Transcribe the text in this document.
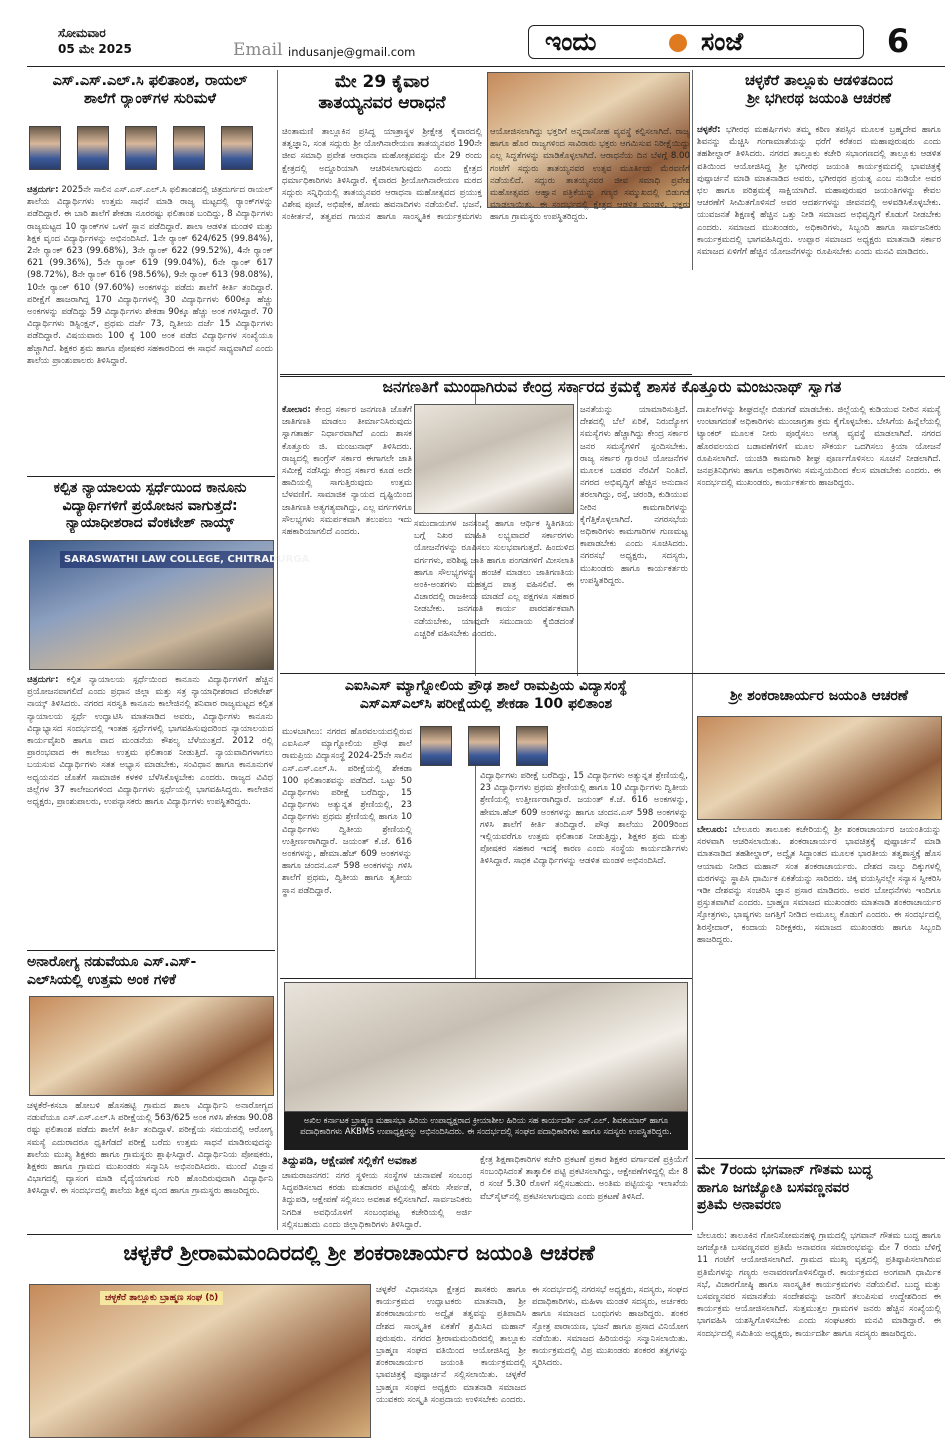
ಸೋಮವಾರ
05 ಮೇ 2025	Email indusanje@gmail.com	ಇಂದು	ಸಂಜೆ	6
ಎಸ್.ಎಸ್.ಎಲ್.ಸಿ ಫಲಿತಾಂಶ, ರಾಯಲ್
ಶಾಲೆಗೆ ರ್‍ಯಾಂಕ್‌ಗಳ ಸುರಿಮಳೆ
ಚಿತ್ರದುರ್ಗ: 2025ನೇ ಸಾಲಿನ ಎಸ್.ಎಸ್.ಎಲ್.ಸಿ ಫಲಿತಾಂಶದಲ್ಲಿ ಚಿತ್ರದುರ್ಗದ ರಾಯಲ್ ಶಾಲೆಯ ವಿದ್ಯಾರ್ಥಿಗಳು ಉತ್ತಮ ಸಾಧನೆ ಮಾಡಿ ರಾಜ್ಯ ಮಟ್ಟದಲ್ಲಿ ರ್‍ಯಾಂಕ್‌ಗಳನ್ನು ಪಡೆದಿದ್ದಾರೆ. ಈ ಬಾರಿ ಶಾಲೆಗೆ ಶೇಕಡಾ ನೂರರಷ್ಟು ಫಲಿತಾಂಶ ಬಂದಿದ್ದು, 8 ವಿದ್ಯಾರ್ಥಿಗಳು ರಾಜ್ಯಮಟ್ಟದ 10 ರ್‍ಯಾಂಕ್‌ಗಳ ಒಳಗೆ ಸ್ಥಾನ ಪಡೆದಿದ್ದಾರೆ. ಶಾಲಾ ಆಡಳಿತ ಮಂಡಳಿ ಮತ್ತು ಶಿಕ್ಷಕ ವೃಂದ ವಿದ್ಯಾರ್ಥಿಗಳನ್ನು ಅಭಿನಂದಿಸಿದೆ. 1ನೇ ರ್‍ಯಾಂಕ್ 624/625 (99.84%), 2ನೇ ರ್‍ಯಾಂಕ್ 623 (99.68%), 3ನೇ ರ್‍ಯಾಂಕ್ 622 (99.52%), 4ನೇ ರ್‍ಯಾಂಕ್ 621 (99.36%), 5ನೇ ರ್‍ಯಾಂಕ್ 619 (99.04%), 6ನೇ ರ್‍ಯಾಂಕ್ 617 (98.72%), 8ನೇ ರ್‍ಯಾಂಕ್ 616 (98.56%), 9ನೇ ರ್‍ಯಾಂಕ್ 613 (98.08%), 10ನೇ ರ್‍ಯಾಂಕ್ 610 (97.60%) ಅಂಕಗಳನ್ನು ಪಡೆದು ಶಾಲೆಗೆ ಕೀರ್ತಿ ತಂದಿದ್ದಾರೆ. ಪರೀಕ್ಷೆಗೆ ಹಾಜರಾಗಿದ್ದ 170 ವಿದ್ಯಾರ್ಥಿಗಳಲ್ಲಿ 30 ವಿದ್ಯಾರ್ಥಿಗಳು 600ಕ್ಕೂ ಹೆಚ್ಚು ಅಂಕಗಳನ್ನು ಪಡೆದಿದ್ದು 59 ವಿದ್ಯಾರ್ಥಿಗಳು ಶೇಕಡಾ 90ಕ್ಕೂ ಹೆಚ್ಚು ಅಂಕ ಗಳಿಸಿದ್ದಾರೆ. 70 ವಿದ್ಯಾರ್ಥಿಗಳು ಡಿಸ್ಟಿಂಕ್ಷನ್, ಪ್ರಥಮ ದರ್ಜೆ 73, ದ್ವಿತೀಯ ದರ್ಜೆ 15 ವಿದ್ಯಾರ್ಥಿಗಳು ಪಡೆದಿದ್ದಾರೆ. ವಿಷಯವಾರು 100 ಕ್ಕೆ 100 ಅಂಕ ಪಡೆದ ವಿದ್ಯಾರ್ಥಿಗಳ ಸಂಖ್ಯೆಯೂ ಹೆಚ್ಚಾಗಿದೆ. ಶಿಕ್ಷಕರ ಶ್ರಮ ಹಾಗೂ ಪೋಷಕರ ಸಹಕಾರದಿಂದ ಈ ಸಾಧನೆ ಸಾಧ್ಯವಾಗಿದೆ ಎಂದು ಶಾಲೆಯ ಪ್ರಾಂಶುಪಾಲರು ತಿಳಿಸಿದ್ದಾರೆ.
ಕಲ್ಪಿತ ನ್ಯಾಯಾಲಯ ಸ್ಪರ್ಧೆಯಿಂದ ಕಾನೂನು
ವಿದ್ಯಾರ್ಥಿಗಳಿಗೆ ಪ್ರಯೋಜನ ವಾಗುತ್ತದೆ:
ನ್ಯಾಯಾಧೀಶರಾದ ವೆಂಕಟೇಶ್ ನಾಯ್ಕ್
SARASWATHI LAW COLLEGE, CHITRADURGA
ಚಿತ್ರದುರ್ಗ: ಕಲ್ಪಿತ ನ್ಯಾಯಾಲಯ ಸ್ಪರ್ಧೆಯಿಂದ ಕಾನೂನು ವಿದ್ಯಾರ್ಥಿಗಳಿಗೆ ಹೆಚ್ಚಿನ ಪ್ರಯೋಜನವಾಗಲಿದೆ ಎಂದು ಪ್ರಧಾನ ಜಿಲ್ಲಾ ಮತ್ತು ಸತ್ರ ನ್ಯಾಯಾಧೀಶರಾದ ವೆಂಕಟೇಶ್ ನಾಯ್ಕ್ ತಿಳಿಸಿದರು. ನಗರದ ಸರಸ್ವತಿ ಕಾನೂನು ಕಾಲೇಜಿನಲ್ಲಿ ಶನಿವಾರ ರಾಜ್ಯಮಟ್ಟದ ಕಲ್ಪಿತ ನ್ಯಾಯಾಲಯ ಸ್ಪರ್ಧೆ ಉದ್ಘಾಟಿಸಿ ಮಾತನಾಡಿದ ಅವರು, ವಿದ್ಯಾರ್ಥಿಗಳು ಕಾನೂನು ವಿದ್ಯಾಭ್ಯಾಸದ ಸಂದರ್ಭದಲ್ಲಿ ಇಂತಹ ಸ್ಪರ್ಧೆಗಳಲ್ಲಿ ಭಾಗವಹಿಸುವುದರಿಂದ ನ್ಯಾಯಾಲಯದ ಕಾರ್ಯವೈಖರಿ ಹಾಗೂ ವಾದ ಮಂಡನೆಯ ಕೌಶಲ್ಯ ಬೆಳೆಯುತ್ತದೆ. 2012 ರಲ್ಲಿ ಪ್ರಾರಂಭವಾದ ಈ ಕಾಲೇಜು ಉತ್ತಮ ಫಲಿತಾಂಶ ನೀಡುತ್ತಿದೆ. ನ್ಯಾಯವಾದಿಗಳಾಗಲು ಬಯಸುವ ವಿದ್ಯಾರ್ಥಿಗಳು ಸತತ ಅಭ್ಯಾಸ ಮಾಡಬೇಕು, ಸಂವಿಧಾನ ಹಾಗೂ ಕಾನೂನುಗಳ ಅಧ್ಯಯನದ ಜೊತೆಗೆ ಸಾಮಾಜಿಕ ಕಳಕಳಿ ಬೆಳೆಸಿಕೊಳ್ಳಬೇಕು ಎಂದರು. ರಾಜ್ಯದ ವಿವಿಧ ಜಿಲ್ಲೆಗಳ 37 ಕಾಲೇಜುಗಳಿಂದ ವಿದ್ಯಾರ್ಥಿಗಳು ಸ್ಪರ್ಧೆಯಲ್ಲಿ ಭಾಗವಹಿಸಿದ್ದರು. ಕಾಲೇಜಿನ ಅಧ್ಯಕ್ಷರು, ಪ್ರಾಂಶುಪಾಲರು, ಉಪನ್ಯಾಸಕರು ಹಾಗೂ ವಿದ್ಯಾರ್ಥಿಗಳು ಉಪಸ್ಥಿತರಿದ್ದರು.
ಅನಾರೋಗ್ಯ ನಡುವೆಯೂ ಎಸ್.ಎಸ್-
ಎಲ್‌ಸಿಯಲ್ಲಿ ಉತ್ತಮ ಅಂಕ ಗಳಿಕೆ
ಚಳ್ಳಕೆರೆ-ಕಸಬಾ ಹೋಬಳಿ ಹೊಸಹಟ್ಟಿ ಗ್ರಾಮದ ಶಾಲಾ ವಿದ್ಯಾರ್ಥಿನಿ ಅನಾರೋಗ್ಯದ ನಡುವೆಯೂ ಎಸ್.ಎಸ್.ಎಲ್.ಸಿ ಪರೀಕ್ಷೆಯಲ್ಲಿ 563/625 ಅಂಕ ಗಳಿಸಿ ಶೇಕಡಾ 90.08 ರಷ್ಟು ಫಲಿತಾಂಶ ಪಡೆದು ಶಾಲೆಗೆ ಕೀರ್ತಿ ತಂದಿದ್ದಾಳೆ. ಪರೀಕ್ಷೆಯ ಸಮಯದಲ್ಲಿ ಆರೋಗ್ಯ ಸಮಸ್ಯೆ ಎದುರಾದರೂ ಧೃತಿಗೆಡದೆ ಪರೀಕ್ಷೆ ಬರೆದು ಉತ್ತಮ ಸಾಧನೆ ಮಾಡಿರುವುದನ್ನು ಶಾಲೆಯ ಮುಖ್ಯ ಶಿಕ್ಷಕರು ಹಾಗೂ ಗ್ರಾಮಸ್ಥರು ಶ್ಲಾಘಿಸಿದ್ದಾರೆ. ವಿದ್ಯಾರ್ಥಿನಿಯ ಪೋಷಕರು, ಶಿಕ್ಷಕರು ಹಾಗೂ ಗ್ರಾಮದ ಮುಖಂಡರು ಸನ್ಮಾನಿಸಿ ಅಭಿನಂದಿಸಿದರು. ಮುಂದೆ ವಿಜ್ಞಾನ ವಿಭಾಗದಲ್ಲಿ ವ್ಯಾಸಂಗ ಮಾಡಿ ವೈದ್ಯೆಯಾಗುವ ಗುರಿ ಹೊಂದಿರುವುದಾಗಿ ವಿದ್ಯಾರ್ಥಿನಿ ತಿಳಿಸಿದ್ದಾಳೆ. ಈ ಸಂದರ್ಭದಲ್ಲಿ ಶಾಲೆಯ ಶಿಕ್ಷಕ ವೃಂದ ಹಾಗೂ ಗ್ರಾಮಸ್ಥರು ಹಾಜರಿದ್ದರು.
ಮೇ 29 ಕೈವಾರ
ತಾತಯ್ಯನವರ ಆರಾಧನೆ
ಚಿಂತಾಮಣಿ ತಾಲ್ಲೂಕಿನ ಪ್ರಸಿದ್ಧ ಯಾತ್ರಾಸ್ಥಳ ಶ್ರೀಕ್ಷೇತ್ರ ಕೈವಾರದಲ್ಲಿ ತತ್ವಜ್ಞಾನಿ, ಸಂತ ಸದ್ಗುರು ಶ್ರೀ ಯೋಗಿನಾರೇಯಣ ತಾತಯ್ಯನವರ 190ನೇ ಜೀವ ಸಮಾಧಿ ಪ್ರವೇಶ ಆರಾಧನಾ ಮಹೋತ್ಸವವನ್ನು ಮೇ 29 ರಂದು ಕ್ಷೇತ್ರದಲ್ಲಿ ಅದ್ದೂರಿಯಾಗಿ ಆಚರಿಸಲಾಗುವುದು ಎಂದು ಕ್ಷೇತ್ರದ ಧರ್ಮಾಧಿಕಾರಿಗಳು ತಿಳಿಸಿದ್ದಾರೆ. ಕೈವಾರದ ಶ್ರೀಯೋಗಿನಾರೇಯಣ ಮಠದ ಸದ್ಗುರು ಸನ್ನಿಧಿಯಲ್ಲಿ ತಾತಯ್ಯನವರ ಆರಾಧನಾ ಮಹೋತ್ಸವದ ಪ್ರಯುಕ್ತ ವಿಶೇಷ ಪೂಜೆ, ಅಭಿಷೇಕ, ಹೋಮ ಹವನಾದಿಗಳು ನಡೆಯಲಿವೆ. ಭಜನೆ, ಸಂಕೀರ್ತನೆ, ತತ್ವಪದ ಗಾಯನ ಹಾಗೂ ಸಾಂಸ್ಕೃತಿಕ ಕಾರ್ಯಕ್ರಮಗಳು ಆಯೋಜಿಸಲಾಗಿದ್ದು ಭಕ್ತರಿಗೆ ಅನ್ನದಾಸೋಹ ವ್ಯವಸ್ಥೆ ಕಲ್ಪಿಸಲಾಗಿದೆ. ರಾಜ್ಯ ಹಾಗೂ ಹೊರ ರಾಜ್ಯಗಳಿಂದ ಸಾವಿರಾರು ಭಕ್ತರು ಆಗಮಿಸುವ ನಿರೀಕ್ಷೆಯಿದ್ದು ಎಲ್ಲ ಸಿದ್ಧತೆಗಳನ್ನು ಮಾಡಿಕೊಳ್ಳಲಾಗಿದೆ. ಆರಾಧನೆಯ ದಿನ ಬೆಳಗ್ಗೆ 8.00 ಗಂಟೆಗೆ ಸದ್ಗುರು ತಾತಯ್ಯನವರ ಉತ್ಸವ ಮೂರ್ತಿಯ ಮೆರವಣಿಗೆ ನಡೆಯಲಿದೆ. ಸದ್ಗುರು ತಾತಯ್ಯನವರ ಜೀವ ಸಮಾಧಿ ಪ್ರವೇಶ ಮಹೋತ್ಸವದ ಆಹ್ವಾನ ಪತ್ರಿಕೆಯನ್ನು ಗಣ್ಯರ ಸಮ್ಮುಖದಲ್ಲಿ ಬಿಡುಗಡೆ ಮಾಡಲಾಯಿತು. ಈ ಸಂದರ್ಭದಲ್ಲಿ ಕ್ಷೇತ್ರದ ಆಡಳಿತ ಮಂಡಳಿ, ಭಕ್ತರು ಹಾಗೂ ಗ್ರಾಮಸ್ಥರು ಉಪಸ್ಥಿತರಿದ್ದರು.
ಚಳ್ಳಕೆರೆ ತಾಲ್ಲೂಕು ಆಡಳಿತದಿಂದ
ಶ್ರೀ ಭಗೀರಥ ಜಯಂತಿ ಆಚರಣೆ
ಚಳ್ಳಕೆರೆ: ಭಗೀರಥ ಮಹರ್ಷಿಗಳು ತಮ್ಮ ಕಠಿಣ ತಪಸ್ಸಿನ ಮೂಲಕ ಬ್ರಹ್ಮದೇವ ಹಾಗೂ ಶಿವನನ್ನು ಮೆಚ್ಚಿಸಿ ಗಂಗಾಮಾತೆಯನ್ನು ಧರೆಗೆ ಕರೆತಂದ ಮಹಾಪುರುಷರು ಎಂದು ತಹಶೀಲ್ದಾರ್ ತಿಳಿಸಿದರು. ನಗರದ ತಾಲ್ಲೂಕು ಕಚೇರಿ ಸಭಾಂಗಣದಲ್ಲಿ ತಾಲ್ಲೂಕು ಆಡಳಿತ ವತಿಯಿಂದ ಆಯೋಜಿಸಿದ್ದ ಶ್ರೀ ಭಗೀರಥ ಜಯಂತಿ ಕಾರ್ಯಕ್ರಮದಲ್ಲಿ ಭಾವಚಿತ್ರಕ್ಕೆ ಪುಷ್ಪಾರ್ಚನೆ ಮಾಡಿ ಮಾತನಾಡಿದ ಅವರು, ಭಗೀರಥರ ಪ್ರಯತ್ನ ಎಂಬ ನುಡಿಯೇ ಅವರ ಛಲ ಹಾಗೂ ಪರಿಶ್ರಮಕ್ಕೆ ಸಾಕ್ಷಿಯಾಗಿದೆ. ಮಹಾಪುರುಷರ ಜಯಂತಿಗಳನ್ನು ಕೇವಲ ಆಚರಣೆಗೆ ಸೀಮಿತಗೊಳಿಸದೆ ಅವರ ಆದರ್ಶಗಳನ್ನು ಜೀವನದಲ್ಲಿ ಅಳವಡಿಸಿಕೊಳ್ಳಬೇಕು. ಯುವಜನತೆ ಶಿಕ್ಷಣಕ್ಕೆ ಹೆಚ್ಚಿನ ಒತ್ತು ನೀಡಿ ಸಮಾಜದ ಅಭಿವೃದ್ಧಿಗೆ ಕೊಡುಗೆ ನೀಡಬೇಕು ಎಂದರು. ಸಮಾಜದ ಮುಖಂಡರು, ಅಧಿಕಾರಿಗಳು, ಸಿಬ್ಬಂದಿ ಹಾಗೂ ಸಾರ್ವಜನಿಕರು ಕಾರ್ಯಕ್ರಮದಲ್ಲಿ ಭಾಗವಹಿಸಿದ್ದರು. ಉಪ್ಪಾರ ಸಮಾಜದ ಅಧ್ಯಕ್ಷರು ಮಾತನಾಡಿ ಸರ್ಕಾರ ಸಮಾಜದ ಏಳಿಗೆಗೆ ಹೆಚ್ಚಿನ ಯೋಜನೆಗಳನ್ನು ರೂಪಿಸಬೇಕು ಎಂದು ಮನವಿ ಮಾಡಿದರು.
ಜನಗಣತಿಗೆ ಮುಂದಾಗಿರುವ ಕೇಂದ್ರ ಸರ್ಕಾರದ ಕ್ರಮಕ್ಕೆ ಶಾಸಕ ಕೊತ್ತೂರು ಮಂಜುನಾಥ್ ಸ್ವಾಗತ
ಕೋಲಾರ: ಕೇಂದ್ರ ಸರ್ಕಾರ ಜನಗಣತಿ ಜೊತೆಗೆ ಜಾತಿಗಣತಿ ಮಾಡಲು ತೀರ್ಮಾನಿಸಿರುವುದು ಸ್ವಾಗತಾರ್ಹ ನಿರ್ಧಾರವಾಗಿದೆ ಎಂದು ಶಾಸಕ ಕೊತ್ತೂರು ಜಿ. ಮಂಜುನಾಥ್ ತಿಳಿಸಿದರು. ರಾಜ್ಯದಲ್ಲಿ ಕಾಂಗ್ರೆಸ್ ಸರ್ಕಾರ ಈಗಾಗಲೇ ಜಾತಿ ಸಮೀಕ್ಷೆ ನಡೆಸಿದ್ದು ಕೇಂದ್ರ ಸರ್ಕಾರ ಕೂಡ ಅದೇ ಹಾದಿಯಲ್ಲಿ ಸಾಗುತ್ತಿರುವುದು ಉತ್ತಮ ಬೆಳವಣಿಗೆ. ಸಾಮಾಜಿಕ ನ್ಯಾಯದ ದೃಷ್ಟಿಯಿಂದ ಜಾತಿಗಣತಿ ಅತ್ಯಗತ್ಯವಾಗಿದ್ದು, ಎಲ್ಲ ವರ್ಗಗಳಿಗೂ ಸೌಲಭ್ಯಗಳು ಸಮರ್ಪಕವಾಗಿ ತಲುಪಲು ಇದು ಸಹಕಾರಿಯಾಗಲಿದೆ ಎಂದರು.
ಸಮುದಾಯಗಳ ಜನಸಂಖ್ಯೆ ಹಾಗೂ ಆರ್ಥಿಕ ಸ್ಥಿತಿಗತಿಯ ಬಗ್ಗೆ ನಿಖರ ಮಾಹಿತಿ ಲಭ್ಯವಾದರೆ ಸರ್ಕಾರಗಳು ಯೋಜನೆಗಳನ್ನು ರೂಪಿಸಲು ಸುಲಭವಾಗುತ್ತದೆ. ಹಿಂದುಳಿದ ವರ್ಗಗಳು, ಪರಿಶಿಷ್ಟ ಜಾತಿ ಹಾಗೂ ಪಂಗಡಗಳಿಗೆ ಮೀಸಲಾತಿ ಹಾಗೂ ಸೌಲಭ್ಯಗಳನ್ನು ಹಂಚಿಕೆ ಮಾಡಲು ಜಾತಿಗಣತಿಯ ಅಂಕಿ-ಅಂಶಗಳು ಮಹತ್ವದ ಪಾತ್ರ ವಹಿಸಲಿವೆ. ಈ ವಿಚಾರದಲ್ಲಿ ರಾಜಕೀಯ ಮಾಡದೆ ಎಲ್ಲ ಪಕ್ಷಗಳೂ ಸಹಕಾರ ನೀಡಬೇಕು. ಜನಗಣತಿ ಕಾರ್ಯ ಪಾರದರ್ಶಕವಾಗಿ ನಡೆಯಬೇಕು, ಯಾವುದೇ ಸಮುದಾಯ ಕೈಬಿಡದಂತೆ ಎಚ್ಚರಿಕೆ ವಹಿಸಬೇಕು ಎಂದರು.
ಜನತೆಯನ್ನು ಯಾಮಾರಿಸುತ್ತಿದೆ. ದೇಶದಲ್ಲಿ ಬೆಲೆ ಏರಿಕೆ, ನಿರುದ್ಯೋಗ ಸಮಸ್ಯೆಗಳು ಹೆಚ್ಚಾಗಿದ್ದು ಕೇಂದ್ರ ಸರ್ಕಾರ ಜನರ ಸಮಸ್ಯೆಗಳಿಗೆ ಸ್ಪಂದಿಸಬೇಕು. ರಾಜ್ಯ ಸರ್ಕಾರ ಗ್ಯಾರಂಟಿ ಯೋಜನೆಗಳ ಮೂಲಕ ಬಡವರ ನೆರವಿಗೆ ನಿಂತಿದೆ. ನಗರದ ಅಭಿವೃದ್ಧಿಗೆ ಹೆಚ್ಚಿನ ಅನುದಾನ ತರಲಾಗಿದ್ದು, ರಸ್ತೆ, ಚರಂಡಿ, ಕುಡಿಯುವ ನೀರಿನ ಕಾಮಗಾರಿಗಳನ್ನು ಕೈಗೆತ್ತಿಕೊಳ್ಳಲಾಗಿದೆ. ನಗರಸಭೆಯ ಅಧಿಕಾರಿಗಳು ಕಾಮಗಾರಿಗಳ ಗುಣಮಟ್ಟ ಕಾಪಾಡಬೇಕು ಎಂದು ಸೂಚಿಸಿದರು. ನಗರಸಭೆ ಅಧ್ಯಕ್ಷರು, ಸದಸ್ಯರು, ಮುಖಂಡರು ಹಾಗೂ ಕಾರ್ಯಕರ್ತರು ಉಪಸ್ಥಿತರಿದ್ದರು.
ದಾಖಲೆಗಳನ್ನು ಶೀಘ್ರದಲ್ಲೇ ಬಿಡುಗಡೆ ಮಾಡಬೇಕು. ಜಿಲ್ಲೆಯಲ್ಲಿ ಕುಡಿಯುವ ನೀರಿನ ಸಮಸ್ಯೆ ಉಂಟಾಗದಂತೆ ಅಧಿಕಾರಿಗಳು ಮುಂಜಾಗ್ರತಾ ಕ್ರಮ ಕೈಗೊಳ್ಳಬೇಕು. ಬೇಸಿಗೆಯ ಹಿನ್ನೆಲೆಯಲ್ಲಿ ಟ್ಯಾಂಕರ್ ಮೂಲಕ ನೀರು ಪೂರೈಸಲು ಅಗತ್ಯ ವ್ಯವಸ್ಥೆ ಮಾಡಲಾಗಿದೆ. ನಗರದ ಹೊರವಲಯದ ಬಡಾವಣೆಗಳಿಗೆ ಮೂಲ ಸೌಕರ್ಯ ಒದಗಿಸಲು ಕ್ರಿಯಾ ಯೋಜನೆ ರೂಪಿಸಲಾಗಿದೆ. ಯುಜಿಡಿ ಕಾಮಗಾರಿ ಶೀಘ್ರ ಪೂರ್ಣಗೊಳಿಸಲು ಸೂಚನೆ ನೀಡಲಾಗಿದೆ. ಜನಪ್ರತಿನಿಧಿಗಳು ಹಾಗೂ ಅಧಿಕಾರಿಗಳು ಸಮನ್ವಯದಿಂದ ಕೆಲಸ ಮಾಡಬೇಕು ಎಂದರು. ಈ ಸಂದರ್ಭದಲ್ಲಿ ಮುಖಂಡರು, ಕಾರ್ಯಕರ್ತರು ಹಾಜರಿದ್ದರು.
ಎಐಸಿಎಸ್ ಮ್ಯಾಗ್ನೋಲಿಯ ಪ್ರೌಢ ಶಾಲೆ ರಾಮಪ್ರಿಯ ವಿದ್ಯಾಸಂಸ್ಥೆ
ಎಸ್‌ಎಸ್‌ಎಲ್‌ಸಿ ಪರೀಕ್ಷೆಯಲ್ಲಿ ಶೇಕಡಾ 100 ಫಲಿತಾಂಶ
ಮುಳಬಾಗಿಲು: ನಗರದ ಹೊರವಲಯದಲ್ಲಿರುವ ಎಐಸಿಎಸ್ ಮ್ಯಾಗ್ನೋಲಿಯ ಪ್ರೌಢ ಶಾಲೆ ರಾಮಪ್ರಿಯ ವಿದ್ಯಾಸಂಸ್ಥೆ 2024-25ನೇ ಸಾಲಿನ ಎಸ್.ಎಸ್.ಎಲ್.ಸಿ. ಪರೀಕ್ಷೆಯಲ್ಲಿ ಶೇಕಡಾ 100 ಫಲಿತಾಂಶವನ್ನು ಪಡೆದಿದೆ. ಒಟ್ಟು 50 ವಿದ್ಯಾರ್ಥಿಗಳು ಪರೀಕ್ಷೆ ಬರೆದಿದ್ದು, 15 ವಿದ್ಯಾರ್ಥಿಗಳು ಅತ್ಯುನ್ನತ ಶ್ರೇಣಿಯಲ್ಲಿ, 23 ವಿದ್ಯಾರ್ಥಿಗಳು ಪ್ರಥಮ ಶ್ರೇಣಿಯಲ್ಲಿ ಹಾಗೂ 10 ವಿದ್ಯಾರ್ಥಿಗಳು ದ್ವಿತೀಯ ಶ್ರೇಣಿಯಲ್ಲಿ ಉತ್ತೀರ್ಣರಾಗಿದ್ದಾರೆ. ಜಯಂತ್ ಕೆ.ಜೆ. 616 ಅಂಕಗಳನ್ನು, ಹೇಮಾ.ಹೆಚ್ 609 ಅಂಕಗಳನ್ನು ಹಾಗೂ ಚಂದನ.ಎಸ್ 598 ಅಂಕಗಳನ್ನು ಗಳಿಸಿ ಶಾಲೆಗೆ ಪ್ರಥಮ, ದ್ವಿತೀಯ ಹಾಗೂ ತೃತೀಯ ಸ್ಥಾನ ಪಡೆದಿದ್ದಾರೆ.
ವಿದ್ಯಾರ್ಥಿಗಳು ಪರೀಕ್ಷೆ ಬರೆದಿದ್ದು, 15 ವಿದ್ಯಾರ್ಥಿಗಳು ಅತ್ಯುನ್ನತ ಶ್ರೇಣಿಯಲ್ಲಿ, 23 ವಿದ್ಯಾರ್ಥಿಗಳು ಪ್ರಥಮ ಶ್ರೇಣಿಯಲ್ಲಿ ಹಾಗೂ 10 ವಿದ್ಯಾರ್ಥಿಗಳು ದ್ವಿತೀಯ ಶ್ರೇಣಿಯಲ್ಲಿ ಉತ್ತೀರ್ಣರಾಗಿದ್ದಾರೆ. ಜಯಂತ್ ಕೆ.ಜೆ. 616 ಅಂಕಗಳನ್ನು, ಹೇಮಾ.ಹೆಚ್ 609 ಅಂಕಗಳನ್ನು ಹಾಗೂ ಚಂದನ.ಎಸ್ 598 ಅಂಕಗಳನ್ನು ಗಳಿಸಿ ಶಾಲೆಗೆ ಕೀರ್ತಿ ತಂದಿದ್ದಾರೆ. ಪೌಢ ಶಾಲೆಯು 2009ರಿಂದ ಇಲ್ಲಿಯವರೆಗೂ ಉತ್ತಮ ಫಲಿತಾಂಶ ನೀಡುತ್ತಿದ್ದು, ಶಿಕ್ಷಕರ ಶ್ರಮ ಮತ್ತು ಪೋಷಕರ ಸಹಕಾರ ಇದಕ್ಕೆ ಕಾರಣ ಎಂದು ಸಂಸ್ಥೆಯ ಕಾರ್ಯದರ್ಶಿಗಳು ತಿಳಿಸಿದ್ದಾರೆ. ಸಾಧಕ ವಿದ್ಯಾರ್ಥಿಗಳನ್ನು ಆಡಳಿತ ಮಂಡಳಿ ಅಭಿನಂದಿಸಿದೆ.
ಶ್ರೀ ಶಂಕರಾಚಾರ್ಯರ ಜಯಂತಿ ಆಚರಣೆ
ಬೇಲೂರು: ಬೇಲೂರು ತಾಲೂಕು ಕಚೇರಿಯಲ್ಲಿ ಶ್ರೀ ಶಂಕರಾಚಾರ್ಯರ ಜಯಂತಿಯನ್ನು ಸರಳವಾಗಿ ಆಚರಿಸಲಾಯಿತು. ಶಂಕರಾಚಾರ್ಯರ ಭಾವಚಿತ್ರಕ್ಕೆ ಪುಷ್ಪಾರ್ಚನೆ ಮಾಡಿ ಮಾತನಾಡಿದ ತಹಶೀಲ್ದಾರ್, ಅದ್ವೈತ ಸಿದ್ಧಾಂತದ ಮೂಲಕ ಭಾರತೀಯ ತತ್ವಶಾಸ್ತ್ರಕ್ಕೆ ಹೊಸ ಆಯಾಮ ನೀಡಿದ ಮಹಾನ್ ಸಂತ ಶಂಕರಾಚಾರ್ಯರು. ದೇಶದ ನಾಲ್ಕು ದಿಕ್ಕುಗಳಲ್ಲಿ ಮಠಗಳನ್ನು ಸ್ಥಾಪಿಸಿ ಧಾರ್ಮಿಕ ಏಕತೆಯನ್ನು ಸಾರಿದರು. ಚಿಕ್ಕ ವಯಸ್ಸಿನಲ್ಲೇ ಸನ್ಯಾಸ ಸ್ವೀಕರಿಸಿ ಇಡೀ ದೇಶವನ್ನು ಸಂಚರಿಸಿ ಜ್ಞಾನ ಪ್ರಸಾರ ಮಾಡಿದರು. ಅವರ ಬೋಧನೆಗಳು ಇಂದಿಗೂ ಪ್ರಸ್ತುತವಾಗಿವೆ ಎಂದರು. ಬ್ರಾಹ್ಮಣ ಸಮಾಜದ ಮುಖಂಡರು ಮಾತನಾಡಿ ಶಂಕರಾಚಾರ್ಯರ ಸ್ತೋತ್ರಗಳು, ಭಾಷ್ಯಗಳು ಜಗತ್ತಿಗೆ ನೀಡಿದ ಅಮೂಲ್ಯ ಕೊಡುಗೆ ಎಂದರು. ಈ ಸಂದರ್ಭದಲ್ಲಿ ಶಿರಸ್ತೇದಾರ್, ಕಂದಾಯ ನಿರೀಕ್ಷಕರು, ಸಮಾಜದ ಮುಖಂಡರು ಹಾಗೂ ಸಿಬ್ಬಂದಿ ಹಾಜರಿದ್ದರು.
ಅಖಿಲ ಕರ್ನಾಟಕ ಬ್ರಾಹ್ಮಣ ಮಹಾಸಭಾ ಹಿರಿಯ ಉಪಾಧ್ಯಕ್ಷರಾದ ಕ್ರೀಯಾಶೀಲ ಹಿರಿಯ ಸಹ ಕಾರ್ಯದರ್ಶಿ ಎಸ್.ಎಲ್. ಶಿವಕುಮಾರ್ ಹಾಗೂ ಪದಾಧಿಕಾರಿಗಳು AKBMS ಉಪಾಧ್ಯಕ್ಷರನ್ನು ಅಭಿನಂದಿಸಿದರು. ಈ ಸಂದರ್ಭದಲ್ಲಿ ಸಂಘದ ಪದಾಧಿಕಾರಿಗಳು ಹಾಗೂ ಸದಸ್ಯರು ಉಪಸ್ಥಿತರಿದ್ದರು.
ತಿದ್ದುಪಡಿ, ಆಕ್ಷೇಪಣೆ ಸಲ್ಲಿಕೆಗೆ ಅವಕಾಶ
ಚಾಮರಾಜನಗರ: ನಗರ ಸ್ಥಳೀಯ ಸಂಸ್ಥೆಗಳ ಚುನಾವಣೆ ಸಂಬಂಧ ಸಿದ್ಧಪಡಿಸಲಾದ ಕರಡು ಮತದಾರರ ಪಟ್ಟಿಯಲ್ಲಿ ಹೆಸರು ಸೇರ್ಪಡೆ, ತಿದ್ದುಪಡಿ, ಆಕ್ಷೇಪಣೆ ಸಲ್ಲಿಸಲು ಅವಕಾಶ ಕಲ್ಪಿಸಲಾಗಿದೆ. ಸಾರ್ವಜನಿಕರು ನಿಗದಿತ ಅವಧಿಯೊಳಗೆ ಸಂಬಂಧಪಟ್ಟ ಕಚೇರಿಯಲ್ಲಿ ಅರ್ಜಿ ಸಲ್ಲಿಸಬಹುದು ಎಂದು ಜಿಲ್ಲಾಧಿಕಾರಿಗಳು ತಿಳಿಸಿದ್ದಾರೆ.
ಕ್ಷೇತ್ರ ಶಿಕ್ಷಣಾಧಿಕಾರಿಗಳ ಕಚೇರಿ ಪ್ರಕಟಣೆ ಪ್ರಕಾರ ಶಿಕ್ಷಕರ ವರ್ಗಾವಣೆ ಪ್ರಕ್ರಿಯೆಗೆ ಸಂಬಂಧಿಸಿದಂತೆ ತಾತ್ಕಾಲಿಕ ಪಟ್ಟಿ ಪ್ರಕಟಿಸಲಾಗಿದ್ದು, ಆಕ್ಷೇಪಣೆಗಳಿದ್ದಲ್ಲಿ ಮೇ 8 ರ ಸಂಜೆ 5.30 ರೊಳಗೆ ಸಲ್ಲಿಸಬಹುದು. ಅಂತಿಮ ಪಟ್ಟಿಯನ್ನು ಇಲಾಖೆಯ ವೆಬ್‌ಸೈಟ್‌ನಲ್ಲಿ ಪ್ರಕಟಿಸಲಾಗುವುದು ಎಂದು ಪ್ರಕಟಣೆ ತಿಳಿಸಿದೆ.
ಮೇ 7ರಂದು ಭಗವಾನ್ ಗೌತಮ ಬುದ್ಧ
ಹಾಗೂ ಜಗಜ್ಯೋತಿ ಬಸವಣ್ಣನವರ
ಪ್ರತಿಮೆ ಅನಾವರಣ
ಬೇಲೂರು: ತಾಲೂಕಿನ ಗೋನಿಸೋಮನಹಳ್ಳಿ ಗ್ರಾಮದಲ್ಲಿ ಭಗವಾನ್ ಗೌತಮ ಬುದ್ಧ ಹಾಗೂ ಜಗಜ್ಯೋತಿ ಬಸವಣ್ಣನವರ ಪ್ರತಿಮೆ ಅನಾವರಣ ಸಮಾರಂಭವನ್ನು ಮೇ 7 ರಂದು ಬೆಳಿಗ್ಗೆ 11 ಗಂಟೆಗೆ ಆಯೋಜಿಸಲಾಗಿದೆ. ಗ್ರಾಮದ ಮುಖ್ಯ ವೃತ್ತದಲ್ಲಿ ಪ್ರತಿಷ್ಠಾಪಿಸಲಾಗಿರುವ ಪ್ರತಿಮೆಗಳನ್ನು ಗಣ್ಯರು ಅನಾವರಣಗೊಳಿಸಲಿದ್ದಾರೆ. ಕಾರ್ಯಕ್ರಮದ ಅಂಗವಾಗಿ ಧಾರ್ಮಿಕ ಸಭೆ, ವಿಚಾರಗೋಷ್ಠಿ ಹಾಗೂ ಸಾಂಸ್ಕೃತಿಕ ಕಾರ್ಯಕ್ರಮಗಳು ನಡೆಯಲಿವೆ. ಬುದ್ಧ ಮತ್ತು ಬಸವಣ್ಣನವರ ಸಮಾನತೆಯ ಸಂದೇಶವನ್ನು ಜನರಿಗೆ ತಲುಪಿಸುವ ಉದ್ದೇಶದಿಂದ ಈ ಕಾರ್ಯಕ್ರಮ ಆಯೋಜಿಸಲಾಗಿದೆ. ಸುತ್ತಮುತ್ತಲ ಗ್ರಾಮಗಳ ಜನರು ಹೆಚ್ಚಿನ ಸಂಖ್ಯೆಯಲ್ಲಿ ಭಾಗವಹಿಸಿ ಯಶಸ್ವಿಗೊಳಿಸಬೇಕು ಎಂದು ಸಂಘಟಕರು ಮನವಿ ಮಾಡಿದ್ದಾರೆ. ಈ ಸಂದರ್ಭದಲ್ಲಿ ಸಮಿತಿಯ ಅಧ್ಯಕ್ಷರು, ಕಾರ್ಯದರ್ಶಿ ಹಾಗೂ ಸದಸ್ಯರು ಹಾಜರಿದ್ದರು.
ಚಳ್ಳಕೆರೆ ಶ್ರೀರಾಮಮಂದಿರದಲ್ಲಿ ಶ್ರೀ ಶಂಕರಾಚಾರ್ಯರ ಜಯಂತಿ ಆಚರಣೆ
ಚಳ್ಳಕೆರೆ ತಾಲ್ಲೂಕು ಬ್ರಾಹ್ಮಣ ಸಂಘ (ರಿ)
ಚಳ್ಳಕೆರೆ ವಿಧಾನಸಭಾ ಕ್ಷೇತ್ರದ ಶಾಸಕರು ಹಾಗೂ ಕಾರ್ಯಕ್ರಮದ ಉದ್ಘಾಟಕರು ಮಾತನಾಡಿ, ಶ್ರೀ ಶಂಕರಾಚಾರ್ಯರು ಅದ್ವೈತ ತತ್ವವನ್ನು ಪ್ರತಿಪಾದಿಸಿ ದೇಶದ ಸಾಂಸ್ಕೃತಿಕ ಏಕತೆಗೆ ಶ್ರಮಿಸಿದ ಮಹಾನ್ ಪುರುಷರು. ನಗರದ ಶ್ರೀರಾಮಮಂದಿರದಲ್ಲಿ ತಾಲ್ಲೂಕು ಬ್ರಾಹ್ಮಣ ಸಂಘದ ವತಿಯಿಂದ ಆಯೋಜಿಸಿದ್ದ ಶ್ರೀ ಶಂಕರಾಚಾರ್ಯರ ಜಯಂತಿ ಕಾರ್ಯಕ್ರಮದಲ್ಲಿ ಭಾವಚಿತ್ರಕ್ಕೆ ಪುಷ್ಪಾರ್ಚನೆ ಸಲ್ಲಿಸಲಾಯಿತು. ಚಳ್ಳಕೆರೆ ಬ್ರಾಹ್ಮಣ ಸಂಘದ ಅಧ್ಯಕ್ಷರು ಮಾತನಾಡಿ ಸಮಾಜದ ಯುವಕರು ಸಂಸ್ಕೃತಿ ಸಂಪ್ರದಾಯ ಉಳಿಸಬೇಕು ಎಂದರು.
ಈ ಸಂದರ್ಭದಲ್ಲಿ ನಗರಸಭೆ ಅಧ್ಯಕ್ಷರು, ಸದಸ್ಯರು, ಸಂಘದ ಪದಾಧಿಕಾರಿಗಳು, ಮಹಿಳಾ ಮಂಡಳಿ ಸದಸ್ಯರು, ಅರ್ಚಕರು ಹಾಗೂ ಸಮಾಜದ ಬಂಧುಗಳು ಹಾಜರಿದ್ದರು. ಶಂಕರ ಸ್ತೋತ್ರ ಪಾರಾಯಣ, ಭಜನೆ ಹಾಗೂ ಪ್ರಸಾದ ವಿನಿಯೋಗ ನಡೆಯಿತು. ಸಮಾಜದ ಹಿರಿಯರನ್ನು ಸನ್ಮಾನಿಸಲಾಯಿತು. ಕಾರ್ಯಕ್ರಮದಲ್ಲಿ ವಿಪ್ರ ಮುಖಂಡರು ಶಂಕರರ ತತ್ವಗಳನ್ನು ಸ್ಮರಿಸಿದರು.
